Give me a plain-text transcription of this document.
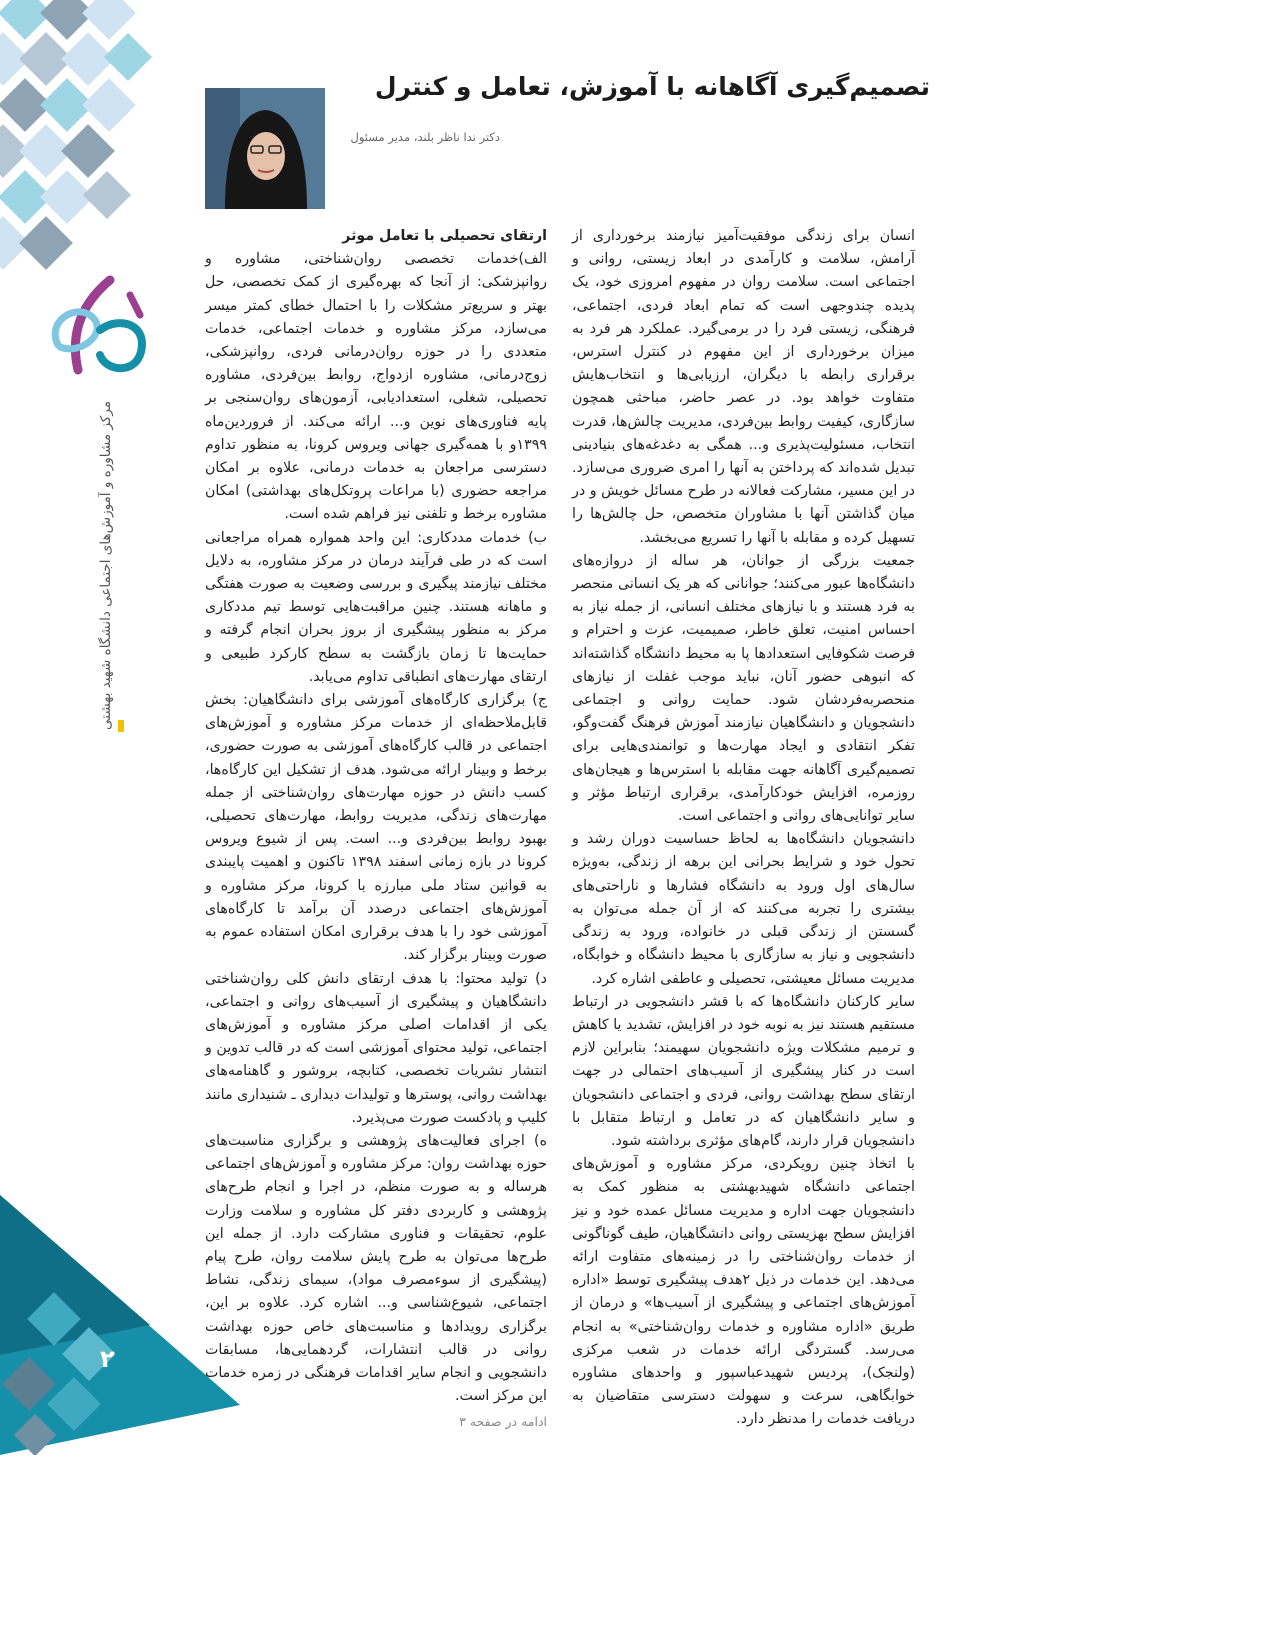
مرکز مشاوره و آموزش‌های اجتماعی دانشگاه شهید بهشتی
۲
تصمیم‌گیری آگاهانه با آموزش، تعامل و کنترل
دکتر ندا ناظر بلند، مدیر مسئول

انسان برای زندگی موفقیت‌آمیز نیازمند برخورداری از آرامش، سلامت و کارآمدی در ابعاد زیستی، روانی و اجتماعی است. سلامت روان در مفهوم امروزی خود، یک پدیده چندوجهی است که تمام ابعاد فردی، اجتماعی، فرهنگی، زیستی فرد را در برمی‌گیرد. عملکرد هر فرد به میزان برخورداری از این مفهوم در کنترل استرس، برقراری رابطه با دیگران، ارزیابی‌ها و انتخاب‌هایش متفاوت خواهد بود. در عصر حاضر، مباحثی همچون سازگاری، کیفیت روابط بین‌فردی، مدیریت چالش‌ها، قدرت انتخاب، مسئولیت‌پذیری و... همگی به دغدغه‌های بنیادینی تبدیل شده‌اند که پرداختن به آنها را امری ضروری می‌سازد. در این مسیر، مشارکت فعالانه در طرح مسائل خویش و در میان گذاشتن آنها با مشاوران متخصص، حل چالش‌ها را تسهیل کرده و مقابله با آنها را تسریع می‌بخشد.

جمعیت بزرگی از جوانان، هر ساله از دروازه‌های دانشگاه‌ها عبور می‌کنند؛ جوانانی که هر یک انسانی منحصر به فرد هستند و با نیازهای مختلف انسانی، از جمله نیاز به احساس امنیت، تعلق خاطر، صمیمیت، عزت و احترام و فرصت شکوفایی استعدادها پا به محیط دانشگاه گذاشته‌اند که انبوهی حضور آنان، نباید موجب غفلت از نیازهای منحصربه‌فردشان شود. حمایت روانی و اجتماعی دانشجویان و دانشگاهیان نیازمند آموزش فرهنگ گفت‌وگو، تفکر انتقادی و ایجاد مهارت‌ها و توانمندی‌هایی برای تصمیم‌گیری آگاهانه جهت مقابله با استرس‌ها و هیجان‌های روزمره، افزایش خودکارآمدی، برقراری ارتباط مؤثر و سایر توانایی‌های روانی و اجتماعی است.

دانشجویان دانشگاه‌ها به لحاظ حساسیت دوران رشد و تحول خود و شرایط بحرانی این برهه از زندگی، به‌ویژه سال‌های اول ورود به دانشگاه فشارها و ناراحتی‌های بیشتری را تجربه می‌کنند که از آن جمله می‌توان به گسستن از زندگی قبلی در خانواده، ورود به زندگی دانشجویی و نیاز به سازگاری با محیط دانشگاه و خوابگاه، مدیریت مسائل معیشتی، تحصیلی و عاطفی اشاره کرد.

سایر کارکنان دانشگاه‌ها که با قشر دانشجویی در ارتباط مستقیم هستند نیز به نوبه خود در افزایش، تشدید یا کاهش و ترمیم مشکلات ویژه دانشجویان سهیمند؛ بنابراین لازم است در کنار پیشگیری از آسیب‌های احتمالی در جهت ارتقای سطح بهداشت روانی، فردی و اجتماعی دانشجویان و سایر دانشگاهیان که در تعامل و ارتباط متقابل با دانشجویان قرار دارند، گام‌های مؤثری برداشته شود.

با اتخاذ چنین رویکردی، مرکز مشاوره و آموزش‌های اجتماعی دانشگاه شهیدبهشتی به منظور کمک به دانشجویان جهت اداره و مدیریت مسائل عمده خود و نیز افزایش سطح بهزیستی روانی دانشگاهیان، طیف گوناگونی از خدمات روان‌شناختی را در زمینه‌های متفاوت ارائه می‌دهد. این خدمات در ذیل ۲هدف پیشگیری توسط «اداره آموزش‌های اجتماعی و پیشگیری از آسیب‌ها» و درمان از طریق «اداره مشاوره و خدمات روان‌شناختی» به انجام می‌رسد. گستردگی ارائه خدمات در شعب مرکزی (ولنجک)، پردیس شهیدعباسپور و واحدهای مشاوره خوابگاهی، سرعت و سهولت دسترسی متقاضیان به دریافت خدمات را مدنظر دارد.

ارتقای تحصیلی با تعامل موثر

الف)خدمات تخصصی روان‌شناختی، مشاوره و روانپزشکی: از آنجا که بهره‌گیری از کمک تخصصی، حل بهتر و سریع‌تر مشکلات را با احتمال خطای کمتر میسر می‌سازد، مرکز مشاوره و خدمات اجتماعی، خدمات متعددی را در حوزه روان‌درمانی فردی، روانپزشکی، زوج‌درمانی، مشاوره ازدواج، روابط بین‌فردی، مشاوره تحصیلی، شغلی، استعدادیابی، آزمون‌های روان‌سنجی بر پایه فناوری‌های نوین و... ارائه می‌کند. از فروردین‌ماه ۱۳۹۹و با همه‌گیری جهانی ویروس کرونا، به منظور تداوم دسترسی مراجعان به خدمات درمانی، علاوه بر امکان مراجعه حضوری (با مراعات پروتکل‌های بهداشتی) امکان مشاوره برخط و تلفنی نیز فراهم شده است.

ب) خدمات مددکاری: این واحد همواره همراه مراجعانی است که در طی فرآیند درمان در مرکز مشاوره، به دلایل مختلف نیازمند پیگیری و بررسی وضعیت به صورت هفتگی و ماهانه هستند. چنین مراقبت‌هایی توسط تیم مددکاری مرکز به منظور پیشگیری از بروز بحران انجام گرفته و حمایت‌ها تا زمان بازگشت به سطح کارکرد طبیعی و ارتقای مهارت‌های انطباقی تداوم می‌یابد.

ج) برگزاری کارگاه‌های آموزشی برای دانشگاهیان: بخش قابل‌ملاحظه‌ای از خدمات مرکز مشاوره و آموزش‌های اجتماعی در قالب کارگاه‌های آموزشی به صورت حضوری، برخط و وبینار ارائه می‌شود. هدف از تشکیل این کارگاه‌ها، کسب دانش در حوزه مهارت‌های روان‌شناختی از جمله مهارت‌های زندگی، مدیریت روابط، مهارت‌های تحصیلی، بهبود روابط بین‌فردی و... است. پس از شیوع ویروس کرونا در بازه زمانی اسفند ۱۳۹۸ تاکنون و اهمیت پایبندی به قوانین ستاد ملی مبارزه با کرونا، مرکز مشاوره و آموزش‌های اجتماعی درصدد آن برآمد تا کارگاه‌های آموزشی خود را با هدف برقراری امکان استفاده عموم به صورت وبینار برگزار کند.

د) تولید محتوا: با هدف ارتقای دانش کلی روان‌شناختی دانشگاهیان و پیشگیری از آسیب‌های روانی و اجتماعی، یکی از اقدامات اصلی مرکز مشاوره و آموزش‌های اجتماعی، تولید محتوای آموزشی است که در قالب تدوین و انتشار نشریات تخصصی، کتابچه، بروشور و گاهنامه‌های بهداشت روانی، پوسترها و تولیدات دیداری ـ شنیداری مانند کلیپ و پادکست صورت می‌پذیرد.

ه) اجرای فعالیت‌های پژوهشی و برگزاری مناسبت‌های حوزه بهداشت روان: مرکز مشاوره و آموزش‌های اجتماعی هرساله و به صورت منظم، در اجرا و انجام طرح‌های پژوهشی و کاربردی دفتر کل مشاوره و سلامت وزارت علوم، تحقیقات و فناوری مشارکت دارد. از جمله این طرح‌ها می‌توان به طرح پایش سلامت روان، طرح پیام (پیشگیری از سوءمصرف مواد)، سیمای زندگی، نشاط اجتماعی، شیوع‌شناسی و... اشاره کرد. علاوه بر این، برگزاری رویدادها و مناسبت‌های خاص حوزه بهداشت روانی در قالب انتشارات، گردهمایی‌ها، مسابقات دانشجویی و انجام سایر اقدامات فرهنگی در زمره خدمات این مرکز است.

ادامه در صفحه ۳
